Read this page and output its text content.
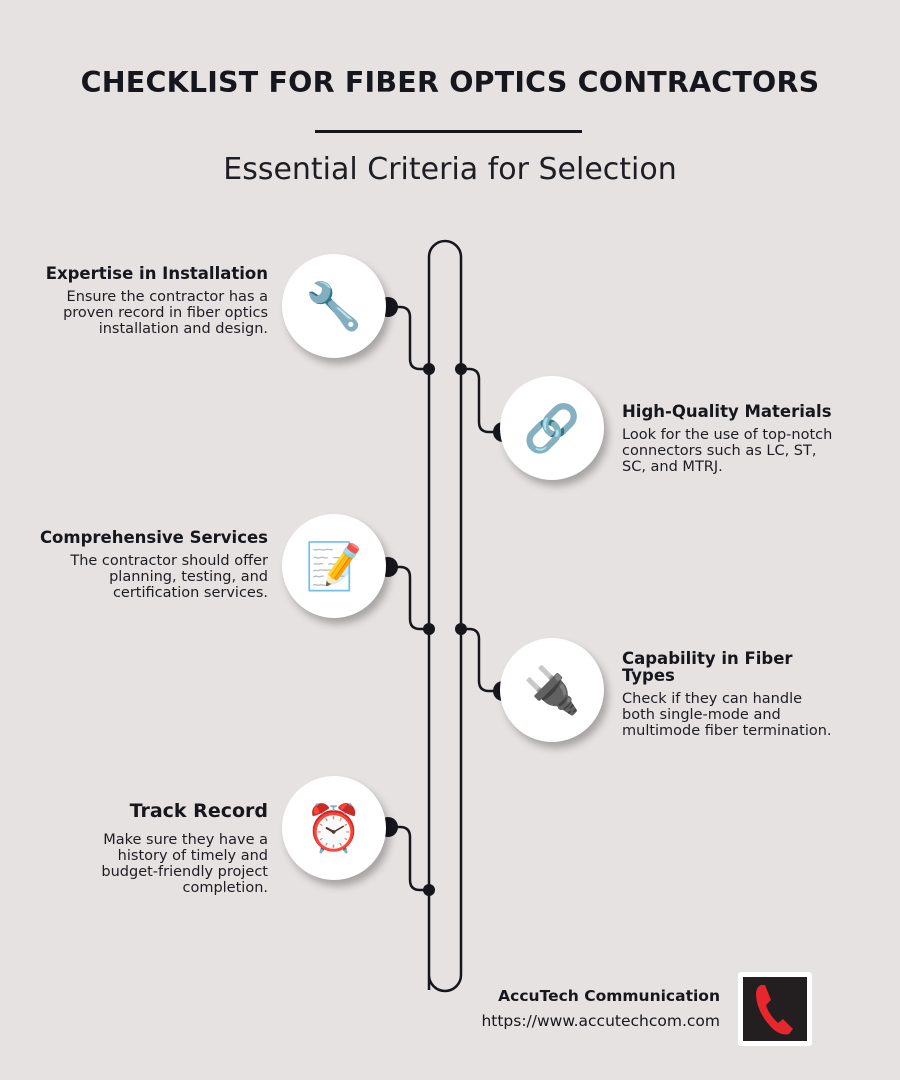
CHECKLIST FOR FIBER OPTICS CONTRACTORS
Essential Criteria for Selection
Expertise in Installation
Ensure the contractor has a proven record in fiber optics installation and design. 🔧
🔗	High-Quality Materials
Look for the use of top-notch connectors such as LC, ST, SC, and MTRJ.
Comprehensive Services
The contractor should offer planning, testing, and certification services.
📝
🔌
Capability in Fiber Types
Check if they can handle both single-mode and multimode fiber termination.
Track Record
Make sure they have a history of timely and budget-friendly project completion.
⏰
AccuTech Communication
https://www.accutechcom.com
